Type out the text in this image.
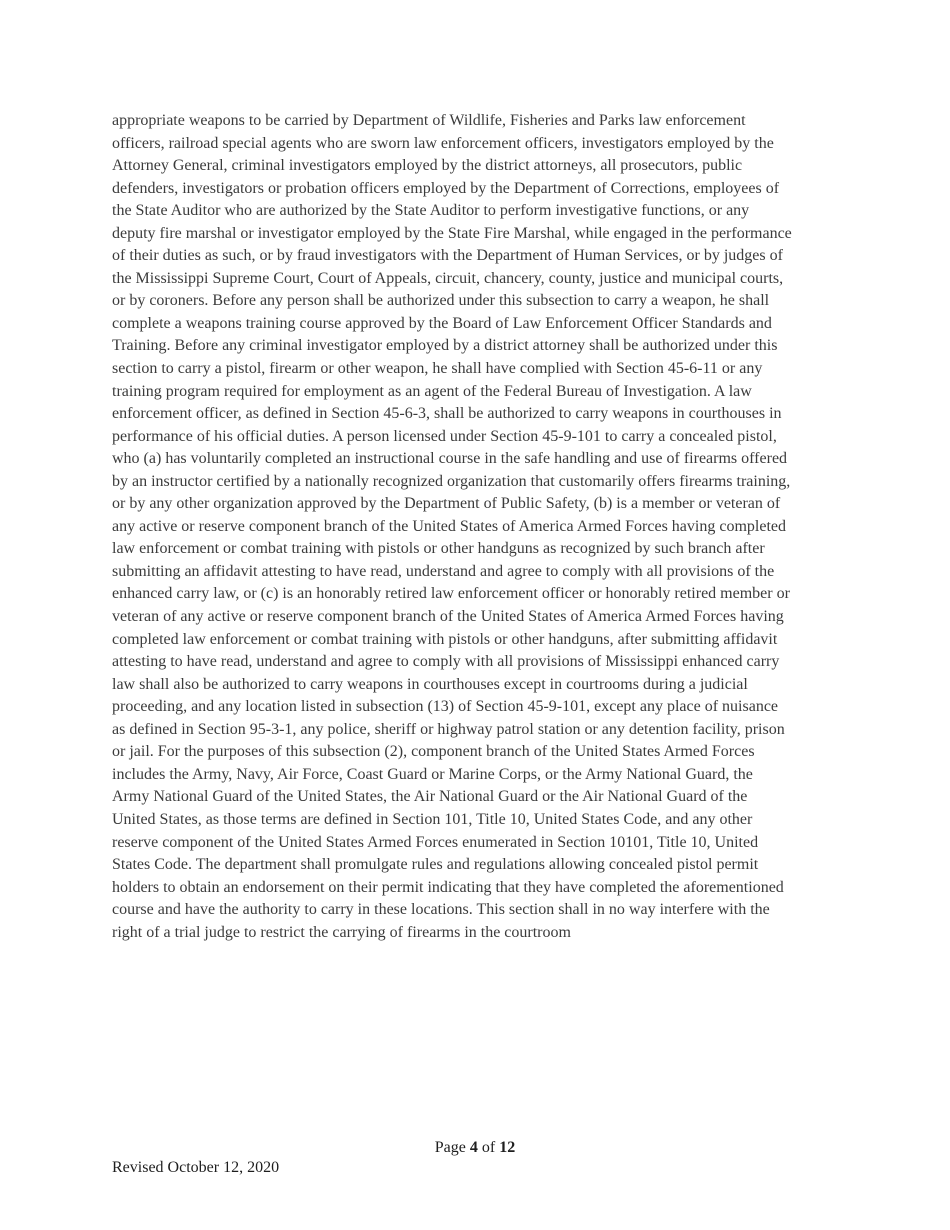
appropriate weapons to be carried by Department of Wildlife, Fisheries and Parks law enforcement
officers, railroad special agents who are sworn law enforcement officers, investigators employed by the
Attorney General, criminal investigators employed by the district attorneys, all prosecutors, public
defenders, investigators or probation officers employed by the Department of Corrections, employees of
the State Auditor who are authorized by the State Auditor to perform investigative functions, or any
deputy fire marshal or investigator employed by the State Fire Marshal, while engaged in the performance
of their duties as such, or by fraud investigators with the Department of Human Services, or by judges of
the Mississippi Supreme Court, Court of Appeals, circuit, chancery, county, justice and municipal courts,
or by coroners. Before any person shall be authorized under this subsection to carry a weapon, he shall
complete a weapons training course approved by the Board of Law Enforcement Officer Standards and
Training. Before any criminal investigator employed by a district attorney shall be authorized under this
section to carry a pistol, firearm or other weapon, he shall have complied with Section 45-6-11 or any
training program required for employment as an agent of the Federal Bureau of Investigation. A law
enforcement officer, as defined in Section 45-6-3, shall be authorized to carry weapons in courthouses in
performance of his official duties. A person licensed under Section 45-9-101 to carry a concealed pistol,
who (a) has voluntarily completed an instructional course in the safe handling and use of firearms offered
by an instructor certified by a nationally recognized organization that customarily offers firearms training,
or by any other organization approved by the Department of Public Safety, (b) is a member or veteran of
any active or reserve component branch of the United States of America Armed Forces having completed
law enforcement or combat training with pistols or other handguns as recognized by such branch after
submitting an affidavit attesting to have read, understand and agree to comply with all provisions of the
enhanced carry law, or (c) is an honorably retired law enforcement officer or honorably retired member or
veteran of any active or reserve component branch of the United States of America Armed Forces having
completed law enforcement or combat training with pistols or other handguns, after submitting affidavit
attesting to have read, understand and agree to comply with all provisions of Mississippi enhanced carry
law shall also be authorized to carry weapons in courthouses except in courtrooms during a judicial
proceeding, and any location listed in subsection (13) of Section 45-9-101, except any place of nuisance
as defined in Section 95-3-1, any police, sheriff or highway patrol station or any detention facility, prison
or jail. For the purposes of this subsection (2), component branch of the United States Armed Forces
includes the Army, Navy, Air Force, Coast Guard or Marine Corps, or the Army National Guard, the
Army National Guard of the United States, the Air National Guard or the Air National Guard of the
United States, as those terms are defined in Section 101, Title 10, United States Code, and any other
reserve component of the United States Armed Forces enumerated in Section 10101, Title 10, United
States Code. The department shall promulgate rules and regulations allowing concealed pistol permit
holders to obtain an endorsement on their permit indicating that they have completed the aforementioned
course and have the authority to carry in these locations. This section shall in no way interfere with the
right of a trial judge to restrict the carrying of firearms in the courtroom

Page 4 of 12
Revised October 12, 2020
